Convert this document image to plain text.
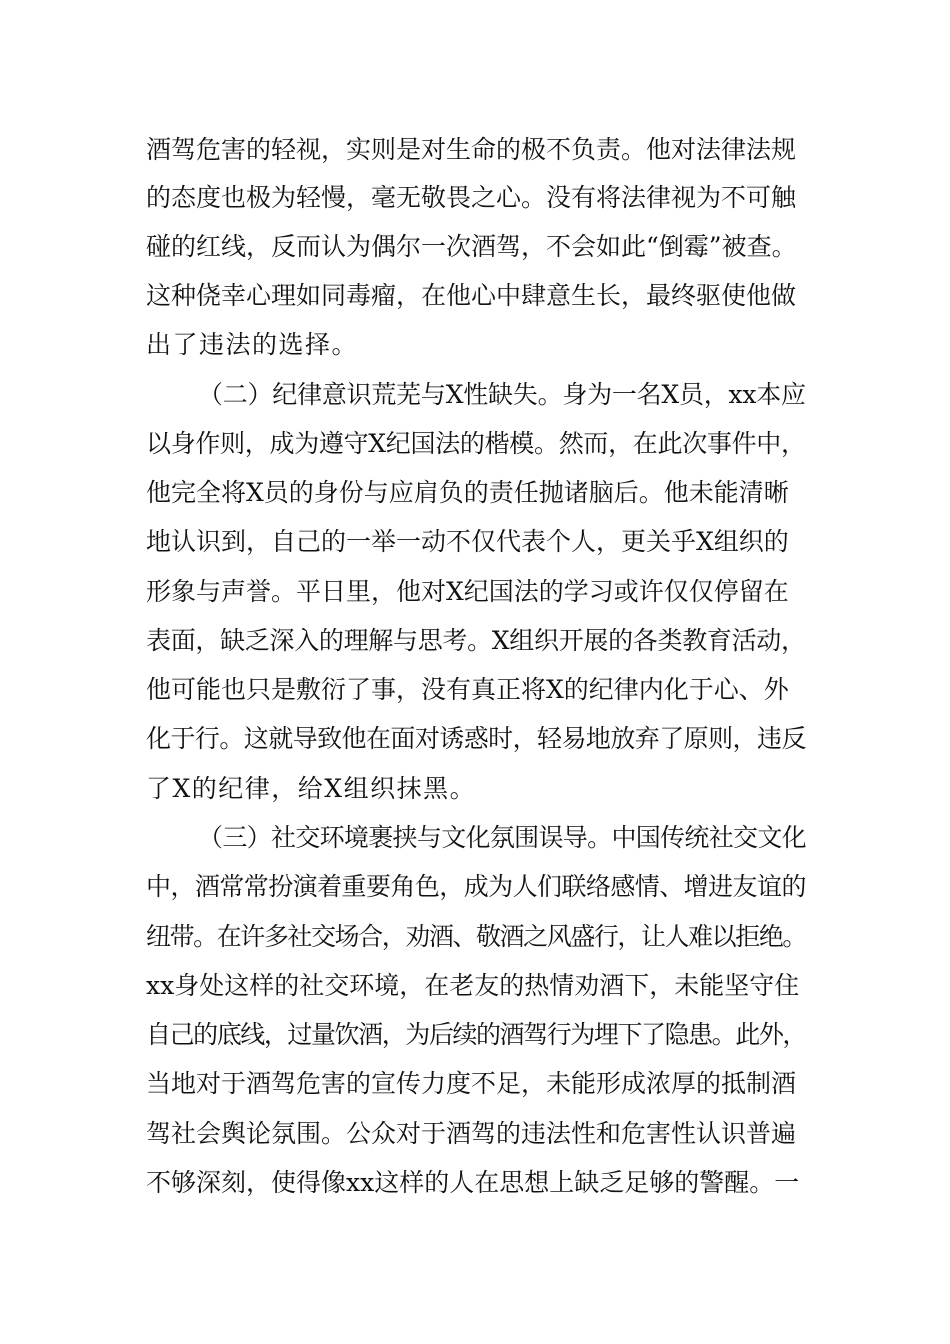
酒驾危害的轻视，实则是对生命的极不负责。他对法律法规
的态度也极为轻慢，毫无敬畏之心。没有将法律视为不可触
碰的红线，反而认为偶尔一次酒驾，不会如此“倒霉”被查。
这种侥幸心理如同毒瘤，在他心中肆意生长，最终驱使他做
出了违法的选择。
（二）纪律意识荒芜与X性缺失。身为一名X员，xx本应
以身作则，成为遵守X纪国法的楷模。然而，在此次事件中，
他完全将X员的身份与应肩负的责任抛诸脑后。他未能清晰
地认识到，自己的一举一动不仅代表个人，更关乎X组织的
形象与声誉。平日里，他对X纪国法的学习或许仅仅停留在
表面，缺乏深入的理解与思考。X组织开展的各类教育活动，
他可能也只是敷衍了事，没有真正将X的纪律内化于心、外
化于行。这就导致他在面对诱惑时，轻易地放弃了原则，违反
了X的纪律，给X组织抹黑。
（三）社交环境裹挟与文化氛围误导。中国传统社交文化
中，酒常常扮演着重要角色，成为人们联络感情、增进友谊的
纽带。在许多社交场合，劝酒、敬酒之风盛行，让人难以拒绝。
xx身处这样的社交环境，在老友的热情劝酒下，未能坚守住
自己的底线，过量饮酒，为后续的酒驾行为埋下了隐患。此外，
当地对于酒驾危害的宣传力度不足，未能形成浓厚的抵制酒
驾社会舆论氛围。公众对于酒驾的违法性和危害性认识普遍
不够深刻，使得像xx这样的人在思想上缺乏足够的警醒。一
